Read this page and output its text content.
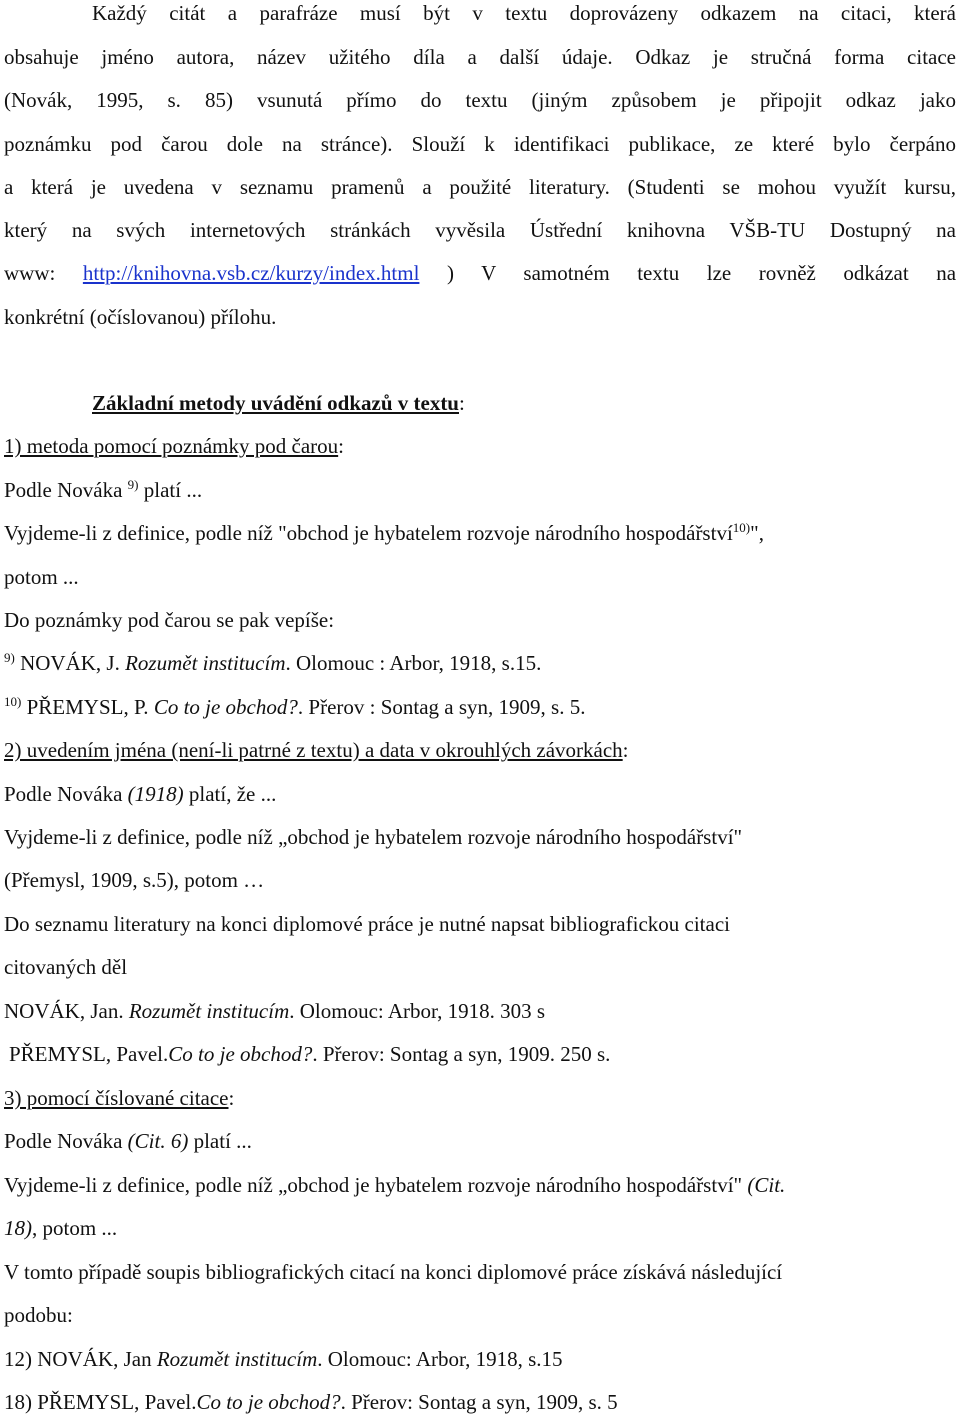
Každý citát a parafráze musí být v textu doprovázeny odkazem na citaci, která
obsahuje jméno autora, název užitého díla a další údaje. Odkaz je stručná forma citace
(Novák, 1995, s. 85) vsunutá přímo do textu (jiným způsobem je připojit odkaz jako
poznámku pod čarou dole na stránce). Slouží k identifikaci publikace, ze které bylo čerpáno
a která je uvedena v seznamu pramenů a použité literatury. (Studenti se mohou využít kursu,
který na svých internetových stránkách vyvěsila Ústřední knihovna VŠB-TU Dostupný na
www: http://knihovna.vsb.cz/kurzy/index.html ) V samotném textu lze rovněž odkázat na
konkrétní (očíslovanou) přílohu.
Základní metody uvádění odkazů v textu:
1) metoda pomocí poznámky pod čarou:
Podle Nováka $^{9)}$ platí ...
Vyjdeme-li z definice, podle níž "obchod je hybatelem rozvoje národního hospodářství$^{10)}$",
potom ...
Do poznámky pod čarou se pak vepíše:
$^{9)}$ NOVÁK, J. Rozumět institucím. Olomouc : Arbor, 1918, s.15.
$^{10)}$ PŘEMYSL, P. Co to je obchod?. Přerov : Sontag a syn, 1909, s. 5.
2) uvedením jména (není-li patrné z textu) a data v okrouhlých závorkách:
Podle Nováka (1918) platí, že ...
Vyjdeme-li z definice, podle níž „obchod je hybatelem rozvoje národního hospodářství"
(Přemysl, 1909, s.5), potom …
Do seznamu literatury na konci diplomové práce je nutné napsat bibliografickou citaci
citovaných děl
NOVÁK, Jan. Rozumět institucím. Olomouc: Arbor, 1918. 303 s
PŘEMYSL, Pavel.Co to je obchod?. Přerov: Sontag a syn, 1909. 250 s.
3) pomocí číslované citace:
Podle Nováka (Cit. 6) platí ...
Vyjdeme-li z definice, podle níž „obchod je hybatelem rozvoje národního hospodářství" (Cit.
18), potom ...
V tomto případě soupis bibliografických citací na konci diplomové práce získává následující
podobu:
12) NOVÁK, Jan Rozumět institucím. Olomouc: Arbor, 1918, s.15
18) PŘEMYSL, Pavel.Co to je obchod?. Přerov: Sontag a syn, 1909, s. 5
